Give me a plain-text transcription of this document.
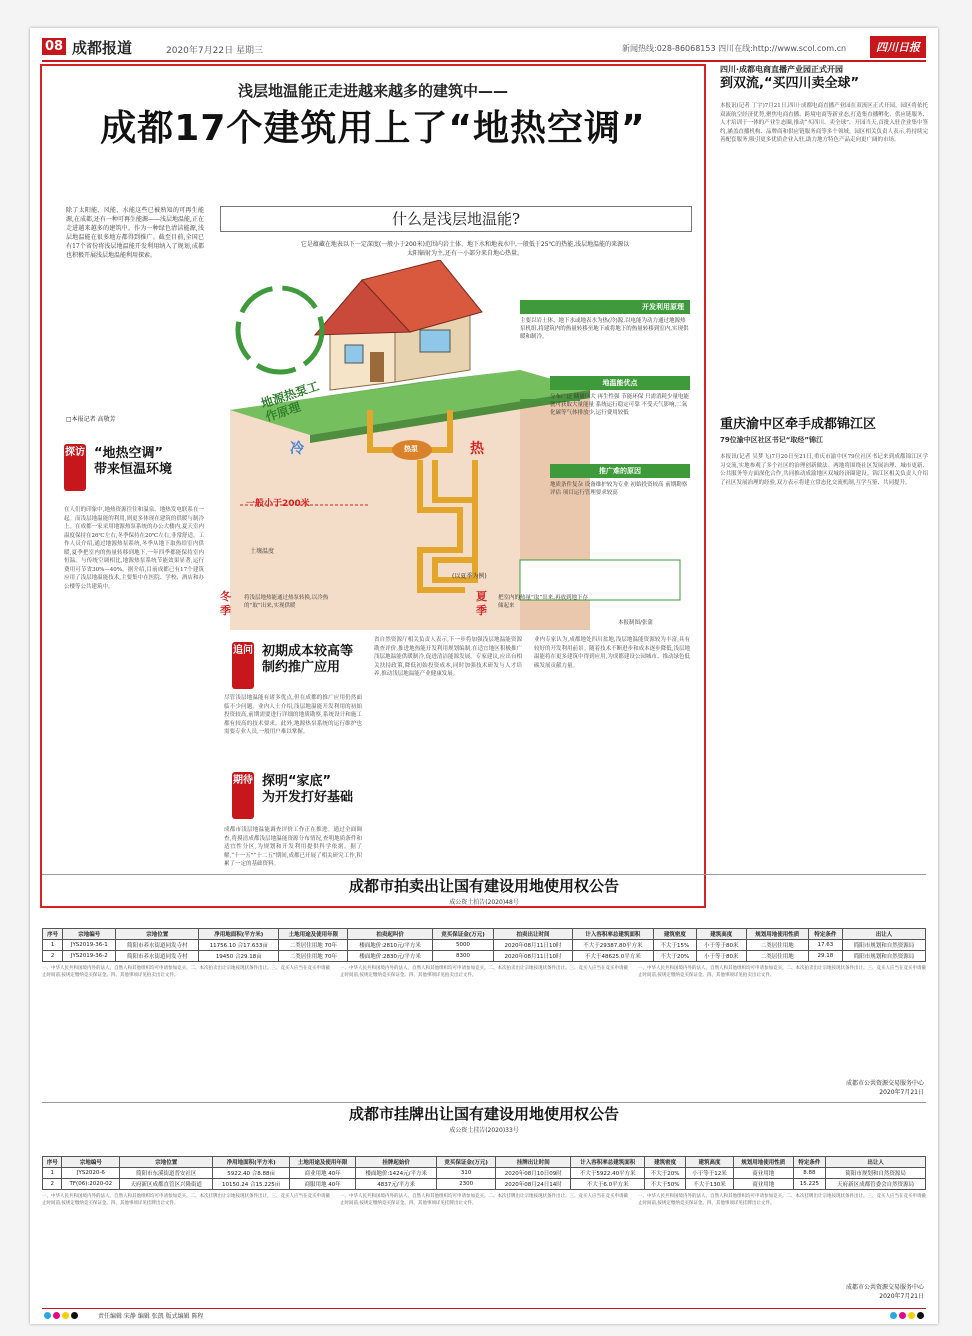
08 成都报道	2020年7月22日 星期三	新闻热线:028-86068153 四川在线:http://www.scol.com.cn	四川日报
浅层地温能正走进越来越多的建筑中——
成都17个建筑用上了“地热空调”
除了太阳能、风能、水能这些已被熟知的可再生能源,在成都,还有一种可再生能源——浅层地温能,正在走进越来越多的建筑中。作为一种绿色清洁能源,浅层地温能在很多地方都得到推广。截至目前,全国已有17个省份将浅层地温能开发利用纳入了规划,成都也积极开展浅层地温能利用探索。
□本报记者 高敬芳
探访 “地热空调”
带来恒温环境
在人们的印象中,地热资源往往和温泉、地热发电联系在一起。而浅层地温能的利用,则更多体现在建筑的供暖与制冷上。在成都一家采用地源热泵系统的办公大楼内,夏天室内温度保持在26℃左右,冬季保持在20℃左右,非常舒适。工作人员介绍,通过地源热泵系统,冬季从地下取热给室内供暖,夏季把室内的热量转移到地下,一年四季都能保持室内恒温。与传统空调相比,地源热泵系统节能效果显著,运行费用可节省30%—40%。据介绍,目前成都已有17个建筑应用了浅层地温能技术,主要集中在医院、学校、酒店和办公楼等公共建筑中。
什么是浅层地温能?
它是蕴藏在地表以下一定深度(一般小于200米)范围内岩土体、地下水和地表水中,一般低于25℃的热能,浅层地温能的来源以太阳辐射为主,还有一小部分来自地心热量。
地源热泵工作原理
冷	热
热泵
一般小于200米
土壤温度
(以夏季为例)
开发利用原理
主要以岩土体、地下水或地表水为热(冷)源,以电能为动力通过地源热泵机组,将建筑内的热量转移至地下或将地下的热量转移到室内,实现供暖和制冷。
地温能优点
分布广泛 储量巨大 再生性强 节能环保 只需消耗少量电能 就可获取大量能量 系统运行稳定可靠 不受天气影响,二氧化碳等气体排放少,运行费用较低
推广难的原因
地质条件复杂 设备维护较为专业 初始投资较高 前期勘察评估 项目运行管理要求较高
冬季
将浅层地热能通过热泵转换,以冷热的“取”出来,实现供暖
夏季
把室内的热量“取”出来,再放到地下存储起来
本报制图/张蒲
追问 初期成本较高等
制约推广应用
尽管浅层地温能有诸多优点,但在成都的推广应用仍然面临不少问题。业内人士介绍,浅层地温能开发利用的初始投资较高,前期需要进行详细的地质勘察,系统设计和施工都有较高的技术要求。此外,地源热泵系统的运行维护也需要专业人员,一般用户难以掌握。
期待 探明“家底”
为开发打好基础
成都市浅层地温能调查评价工作正在推进。通过全面调查,将摸清成都浅层地温能资源分布情况,查明地质条件和适宜性分区,为规划和开发利用提供科学依据。据了解,“十一五”“十二五”期间,成都已开展了相关研究工作,积累了一定的基础资料。
省自然资源厅相关负责人表示,下一步将加强浅层地温能资源勘查评价,推进地热能开发利用规划编制,在适宜地区积极推广浅层地温能供暖制冷,促进清洁能源发展。专家建议,应出台相关扶持政策,降低初始投资成本,同时加强技术研发与人才培养,推动浅层地温能产业健康发展。
业内专家认为,成都地处四川盆地,浅层地温能资源较为丰富,具有较好的开发利用前景。随着技术不断进步和成本逐步降低,浅层地温能将在更多建筑中得到应用,为成都建设公园城市、推动绿色低碳发展贡献力量。
四川·成都电商直播产业园正式开园
到双流,“买四川卖全球”
本报讯(记者 丁宇)7月21日,四川·成都电商直播产业园在双流区正式开园。园区将依托双流航空经济优势,聚焦电商直播、跨境电商等新业态,打造集直播孵化、供应链服务、人才培训于一体的产业生态圈,推动“买四川、卖全球”。开园当天,首批入驻企业集中签约,涵盖直播机构、品牌商和供应链服务商等多个领域。园区相关负责人表示,将持续完善配套服务,吸引更多优质企业入驻,助力地方特色产品走向更广阔的市场。
重庆渝中区牵手成都锦江区
79位渝中区社区书记“取经”锦江
本报讯(记者 吴梦飞)7月20日至21日,重庆市渝中区79位社区书记来到成都锦江区学习交流,实地参观了多个社区的治理创新做法。两地将围绕社区发展治理、城市更新、公共服务等方面深化合作,共同推动成渝地区双城经济圈建设。锦江区相关负责人介绍了社区发展治理的经验,双方表示将建立常态化交流机制,互学互鉴、共同提升。
成都市拍卖出让国有建设用地使用权公告
成公资土拍告(2020)48号
序号	宗地编号	宗地位置	净用地面积(平方米)	土地用途及使用年限	拍卖起叫价	竞买保证金(万元)	拍卖出让时间	计入容积率总建筑面积	建筑密度	建筑高度	规划用地使用性质	特定条件	出让人
1	JYS2019-36-1	简阳市养水街道同发寺村	11756.10 合17.633亩	二类居住用地 70年	楼面地价:2810元/平方米	5000	2020年08月11日10时	不大于29387.80平方米	不大于15%	小于等于80米	二类居住用地	17.63	简阳市规划和自然资源局
2	JYS2019-36-2	简阳市养水街道同发寺村	19450 合29.18亩	二类居住用地 70年	楼面地价:2830元/平方米	8300	2020年08月11日10时	不大于48625.0平方米	不大于20%	小于等于80米	二类居住用地	29.18	简阳市规划和自然资源局
一、中华人民共和国境内外的法人、自然人和其他组织均可申请参加竞买。二、本次拍卖出让宗地按现状条件出让。三、竞买人应当在竞买申请截止时间前,按规定缴纳竞买保证金。四、其他事项详见拍卖出让文件。
一、中华人民共和国境内外的法人、自然人和其他组织均可申请参加竞买。二、本次拍卖出让宗地按现状条件出让。三、竞买人应当在竞买申请截止时间前,按规定缴纳竞买保证金。四、其他事项详见拍卖出让文件。
一、中华人民共和国境内外的法人、自然人和其他组织均可申请参加竞买。二、本次拍卖出让宗地按现状条件出让。三、竞买人应当在竞买申请截止时间前,按规定缴纳竞买保证金。四、其他事项详见拍卖出让文件。
成都市公共资源交易服务中心
2020年7月21日
成都市挂牌出让国有建设用地使用权公告
成公资土挂告(2020)33号
序号	宗地编号	宗地位置	净用地面积(平方米)	土地用途及使用年限	挂牌起始价	竞买保证金(万元)	挂牌出让时间	计入容积率总建筑面积	建筑密度	建筑高度	规划用地使用性质	特定条件	出让人
1	JYS2020-6	简阳市东溪街道普安社区	5922.40 合8.88亩	商业用地 40年	楼面地价:1424元/平方米	310	2020年08月10日09时	不大于5922.40平方米	不大于20%	小于等于12米	商业用地	8.88	简阳市规划和自然资源局
2	TF(06):2020-02	天府新区成都直管区兴隆街道	10150.24 合15.225亩	商服用地 40年	4837元/平方米	2300	2020年08月24日14时	不大于6.0平方米	不大于50%	不大于130米	商业用地	15.225	天府新区成都管委会自然资源局
一、中华人民共和国境内外的法人、自然人和其他组织均可申请参加竞买。二、本次挂牌出让宗地按现状条件出让。三、竞买人应当在竞买申请截止时间前,按规定缴纳竞买保证金。四、其他事项详见挂牌出让文件。
一、中华人民共和国境内外的法人、自然人和其他组织均可申请参加竞买。二、本次挂牌出让宗地按现状条件出让。三、竞买人应当在竞买申请截止时间前,按规定缴纳竞买保证金。四、其他事项详见挂牌出让文件。
一、中华人民共和国境内外的法人、自然人和其他组织均可申请参加竞买。二、本次挂牌出让宗地按现状条件出让。三、竞买人应当在竞买申请截止时间前,按规定缴纳竞买保证金。四、其他事项详见挂牌出让文件。
成都市公共资源交易服务中心
2020年7月21日
责任编辑 宋静 编辑 张凯 版式编辑 陈程
